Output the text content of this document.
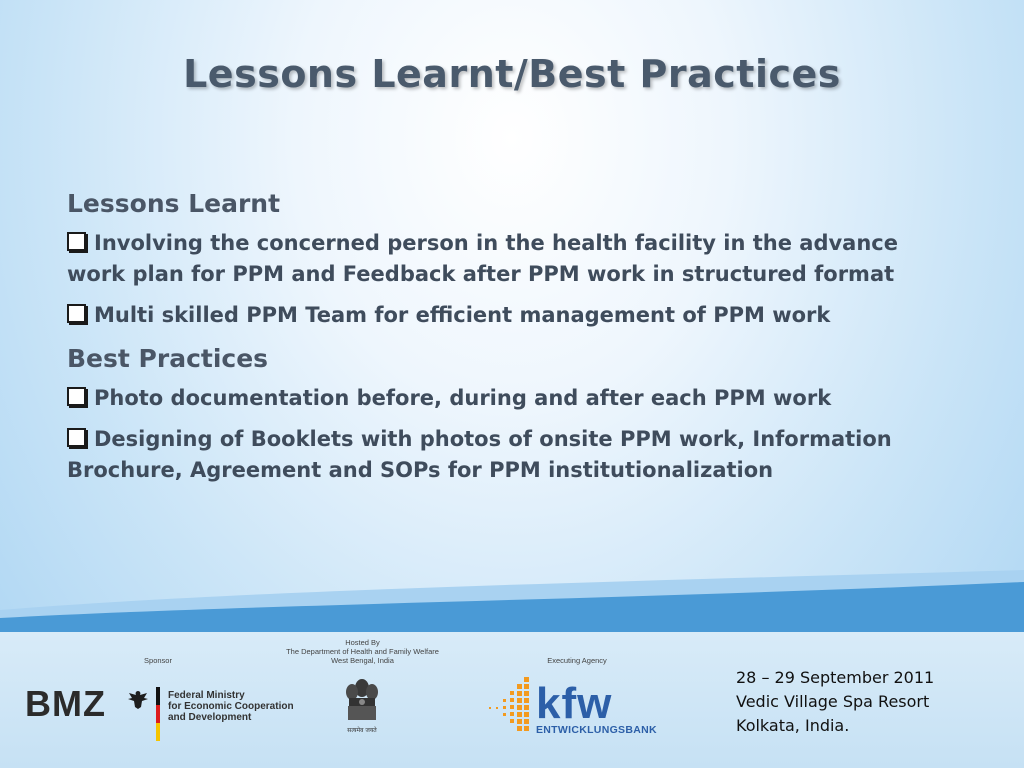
Lessons Learnt/Best Practices
Lessons Learnt
Involving the concerned person in the health facility in the advance work plan for PPM and Feedback after PPM work in structured format
Multi skilled PPM Team for efficient management of PPM work
Best Practices
Photo documentation before, during and after each PPM work
Designing of Booklets with photos of onsite PPM work, Information Brochure, Agreement and SOPs for PPM institutionalization
Sponsor
BMZ	Federal Ministry
for Economic Cooperation
and Development
Hosted By
The Department of Health and Family Welfare
West Bengal, India
सत्यमेव जयते
Executing Agency
kfw
ENTWICKLUNGSBANK
28 – 29 September 2011
Vedic Village Spa Resort
Kolkata, India.
